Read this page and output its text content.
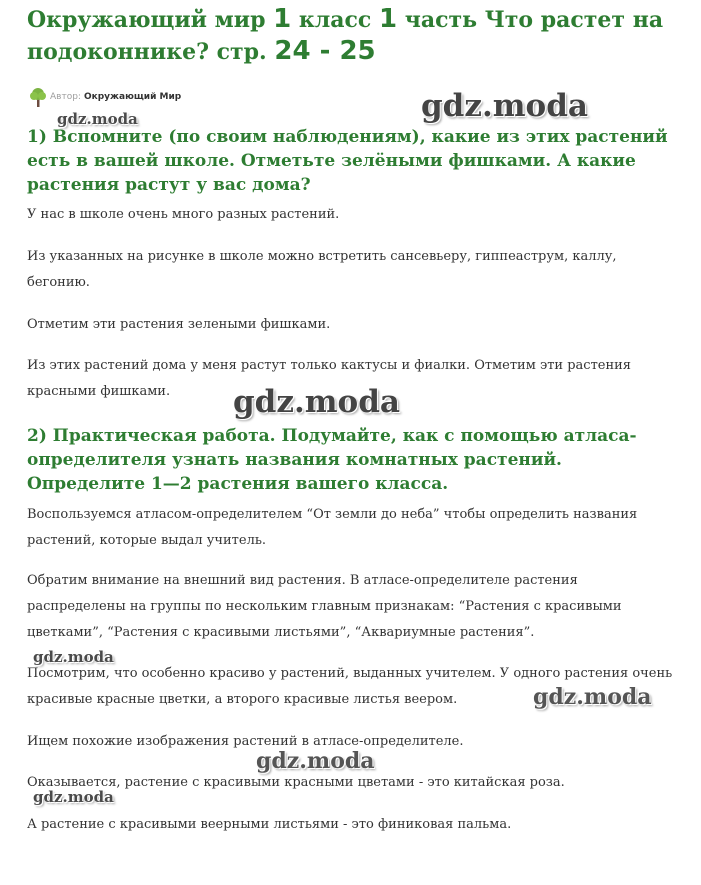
Окружающий мир 1 класс 1 часть Что растет на подоконнике? стр. 24 - 25
Автор: Окружающий Мир
1) Вспомните (по своим наблюдениям), какие из этих растений есть в вашей школе. Отметьте зелёными фишками. А какие растения растут у вас дома?

У нас в школе очень много разных растений.

Из указанных на рисунке в школе можно встретить сансевьеру, гиппеаструм, каллу, бегонию.

Отметим эти растения зелеными фишками.

Из этих растений дома у меня растут только кактусы и фиалки. Отметим эти растения красными фишками.

2) Практическая работа. Подумайте, как с помощью атласа-определителя узнать названия комнатных растений. Определите 1—2 растения вашего класса.

Воспользуемся атласом-определителем “От земли до неба” чтобы определить названия растений, которые выдал учитель.

Обратим внимание на внешний вид растения. В атласе-определителе растения распределены на группы по нескольким главным признакам: “Растения с красивыми цветками”, “Растения с красивыми листьями”, “Аквариумные растения”.

Посмотрим, что особенно красиво у растений, выданных учителем. У одного растения очень красивые красные цветки, а второго красивые листья веером.

Ищем похожие изображения растений в атласе-определителе.

Оказывается, растение с красивыми красными цветами - это китайская роза.

А растение с красивыми веерными листьями - это финиковая пальма.

gdz.moda
gdz.moda
gdz.moda
gdz.moda
gdz.moda
gdz.moda
gdz.moda
